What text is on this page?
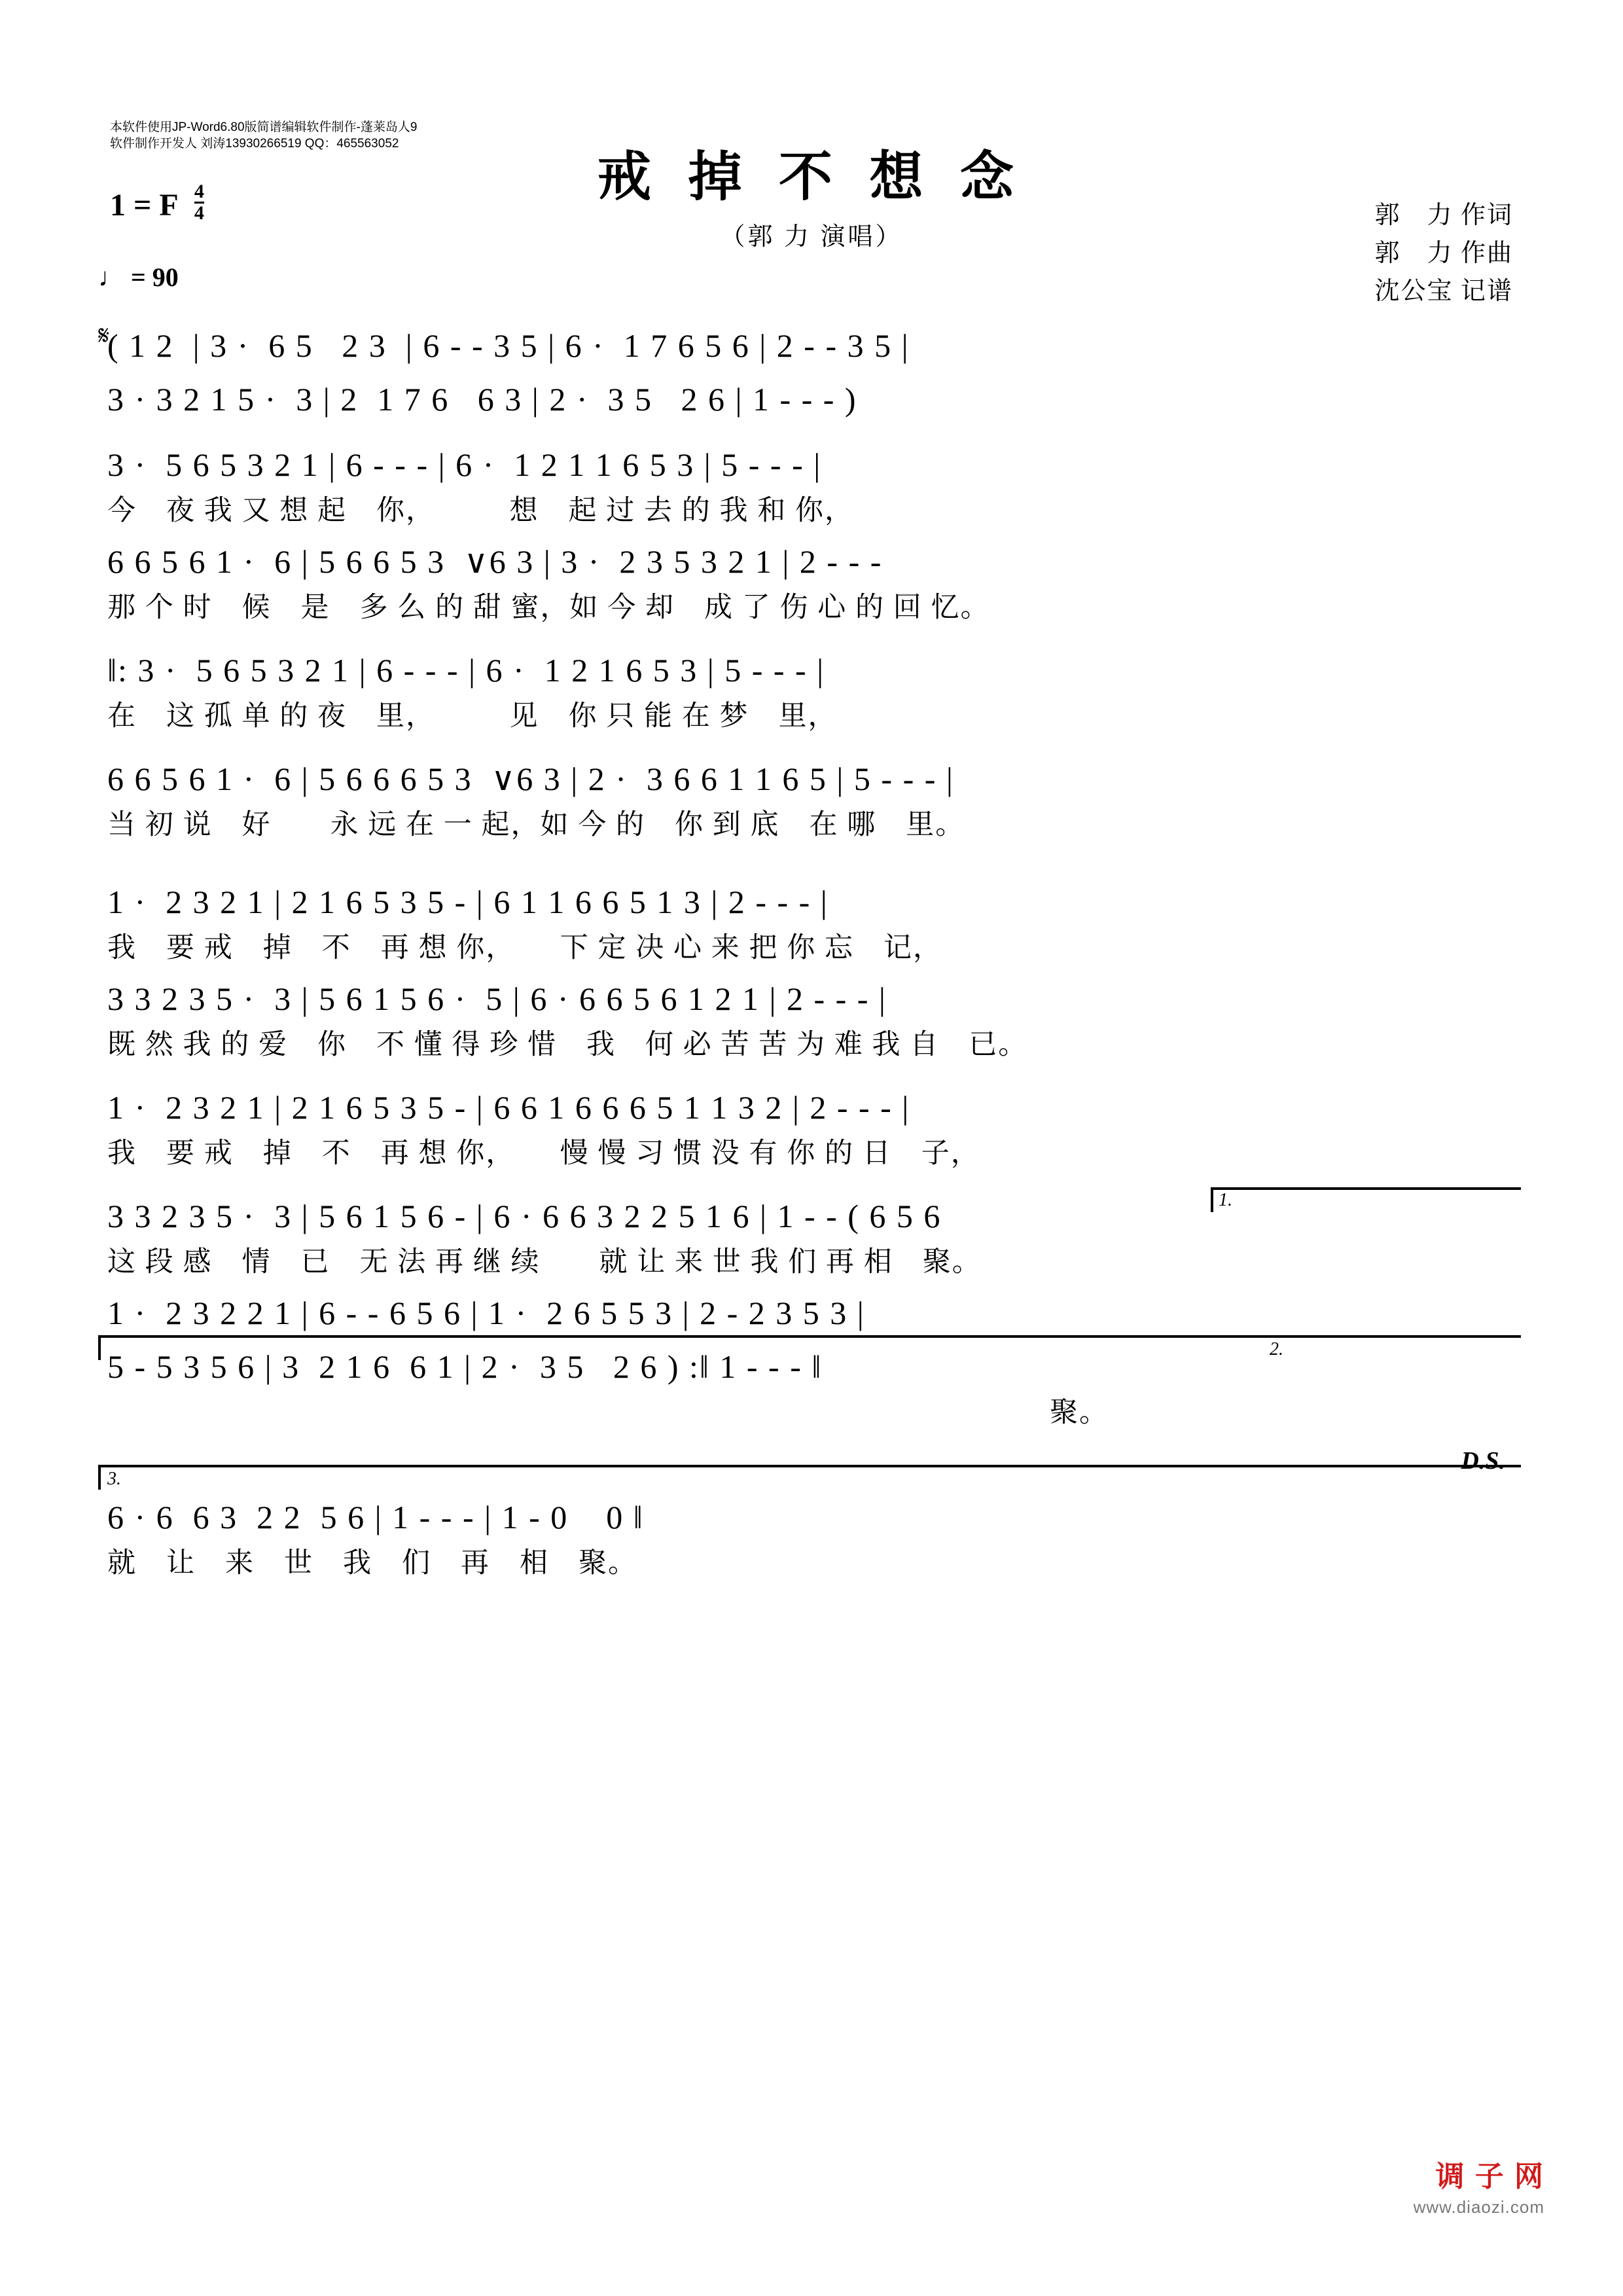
本软件使用JP-Word6.80版简谱编辑软件制作-蓬莱岛人9
软件制作开发人 刘涛13930266519 QQ：465563052
戒 掉 不 想 念
（郭 力 演唱）
1 = F $\frac{4}{4}$
♩ = 90
郭　力 作词
郭　力 作曲
沈公宝 记谱
( 1 2  | 3 ·  6 5   2 3  | 6 - - 3 5 | 6 ·  1 7 6 5 6 | 2 - - 3 5 |
3 · 3 2 1 5 ·  3 | 2  1 7 6   6 3 | 2 ·  3 5   2 6 | 1 - - - )
3 ·  5 6 5 3 2 1 | 6 - - - | 6 ·  1 2 1 1 6 5 3 | 5 - - - |
今　夜 我 又 想 起　你，　　　想　起 过 去 的 我 和 你，
6 6 5 6 1 ·  6 | 5 6 6 5 3  ∨6 3 | 3 ·  2 3 5 3 2 1 | 2 - - -
那 个 时　候　是　多 么 的 甜 蜜，如 今 却　成 了 伤 心 的 回 忆。
‖: 3 ·  5 6 5 3 2 1 | 6 - - - | 6 ·  1 2 1 6 5 3 | 5 - - - |
在　这 孤 单 的 夜　里，　　　见　你 只 能 在 梦　里，
6 6 5 6 1 ·  6 | 5 6 6 6 5 3  ∨6 3 | 2 ·  3 6 6 1 1 6 5 | 5 - - - |
当 初 说　好　　永 远 在 一 起，如 今 的　你 到 底　在 哪　里。
𝄋
1 ·  2 3 2 1 | 2 1 6 5 3 5 - | 6 1 1 6 6 5 1 3 | 2 - - - |
我　要 戒　掉　不　再 想 你，　　下 定 决 心 来 把 你 忘　记，
3 3 2 3 5 ·  3 | 5 6 1 5 6 ·  5 | 6 · 6 6 5 6 1 2 1 | 2 - - - |
既 然 我 的 爱　你　不 懂 得 珍 惜　我　何 必 苦 苦 为 难 我 自　已。
1 ·  2 3 2 1 | 2 1 6 5 3 5 - | 6 6 1 6 6 6 5 1 1 3 2 | 2 - - - |
我　要 戒　掉　不　再 想 你，　　慢 慢 习 惯 没 有 你 的 日　子，
1.
3 3 2 3 5 ·  3 | 5 6 1 5 6 - | 6 · 6 6 3 2 2 5 1 6 | 1 - - ( 6 5 6
这 段 感　情　已　无 法 再 继 续　　就 让 来 世 我 们 再 相　聚。
1 ·  2 3 2 2 1 | 6 - - 6 5 6 | 1 ·  2 6 5 5 3 | 2 - 2 3 5 3 |
2.
5 - 5 3 5 6 | 3  2 1 6  6 1 | 2 ·  3 5   2 6 ) :‖ 1 - - - ‖
　　　　　　　　　　　　　　　　　　　　　　　　　　　　　　　　聚。
D.S.
3.
6 · 6  6 3  2 2  5 6 | 1 - - - | 1 - 0    0 ‖
就　让　来　世　我　们　再　相　聚。
调 子 网
www.diaozi.com
